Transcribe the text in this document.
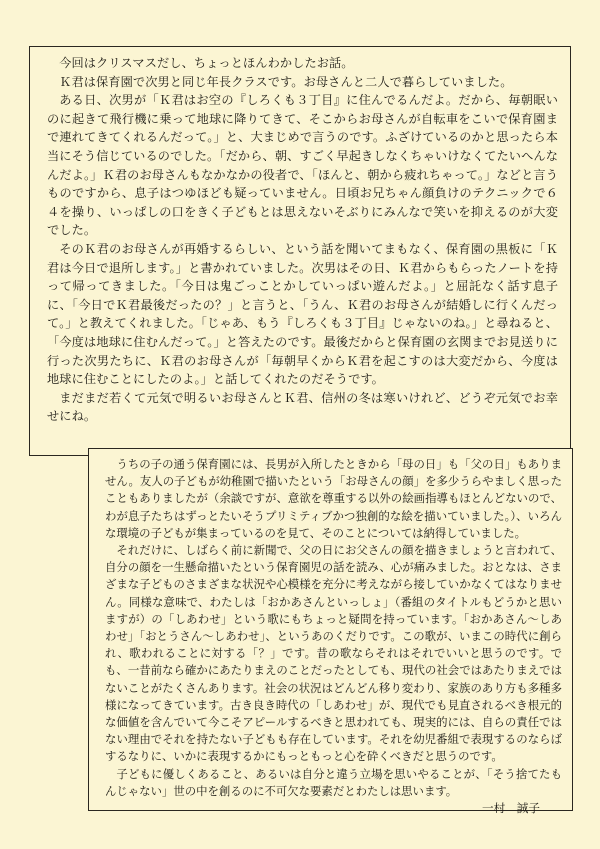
今回はクリスマスだし、ちょっとほんわかしたお話。

Ｋ君は保育園で次男と同じ年長クラスです。お母さんと二人で暮らしていました。

ある日、次男が「Ｋ君はお空の『しろくも３丁目』に住んでるんだよ。だから、毎朝眠いのに起きて飛行機に乗って地球に降りてきて、そこからお母さんが自転車をこいで保育園まで連れてきてくれるんだって。」と、大まじめで言うのです。ふざけているのかと思ったら本当にそう信じているのでした。「だから、朝、すごく早起きしなくちゃいけなくてたいへんなんだよ。」Ｋ君のお母さんもなかなかの役者で、「ほんと、朝から疲れちゃって。」などと言うものですから、息子はつゆほども疑っていません。日頃お兄ちゃん顔負けのテクニックで６４を操り、いっぱしの口をきく子どもとは思えないそぶりにみんなで笑いを抑えるのが大変でした。

そのＫ君のお母さんが再婚するらしい、という話を聞いてまもなく、保育園の黒板に「Ｋ君は今日で退所します。」と書かれていました。次男はその日、Ｋ君からもらったノートを持って帰ってきました。「今日は鬼ごっことかしていっぱい遊んだよ。」と屈託なく話す息子に、「今日でＫ君最後だったの？」と言うと、「うん、Ｋ君のお母さんが結婚しに行くんだって。」と教えてくれました。「じゃあ、もう『しろくも３丁目』じゃないのね。」と尋ねると、「今度は地球に住むんだって。」と答えたのです。最後だからと保育園の玄関までお見送りに行った次男たちに、Ｋ君のお母さんが「毎朝早くからＫ君を起こすのは大変だから、今度は地球に住むことにしたのよ。」と話してくれたのだそうです。

まだまだ若くて元気で明るいお母さんとＫ君、信州の冬は寒いけれど、どうぞ元気でお幸せにね。

うちの子の通う保育園には、長男が入所したときから「母の日」も「父の日」もありません。友人の子どもが幼稚園で描いたという「お母さんの顔」を多少うらやましく思ったこともありましたが（余談ですが、意欲を尊重する以外の絵画指導もほとんどないので、わが息子たちはずっとたいそうプリミティブかつ独創的な絵を描いていました。）、いろんな環境の子どもが集まっているのを見て、そのことについては納得していました。

それだけに、しばらく前に新聞で、父の日にお父さんの顔を描きましょうと言われて、自分の顔を一生懸命描いたという保育園児の話を読み、心が痛みました。おとなは、さまざまな子どものさまざまな状況や心模様を充分に考えながら接していかなくてはなりません。同様な意味で、わたしは「おかあさんといっしょ」（番組のタイトルもどうかと思いますが）の「しあわせ」という歌にもちょっと疑問を持っています。「おかあさん～しあわせ」「おとうさん～しあわせ」、というあのくだりです。この歌が、いまこの時代に創られ、歌われることに対する「？」です。昔の歌ならそれはそれでいいと思うのです。でも、一昔前なら確かにあたりまえのことだったとしても、現代の社会ではあたりまえではないことがたくさんあります。社会の状況はどんどん移り変わり、家族のあり方も多種多様になってきています。古き良き時代の「しあわせ」が、現代でも見直されるべき根元的な価値を含んでいて今こそアピールするべきと思われても、現実的には、自らの責任ではない理由でそれを持たない子どもも存在しています。それを幼児番組で表現するのならばするなりに、いかに表現するかにもっともっと心を砕くべきだと思うのです。

子どもに優しくあること、あるいは自分と違う立場を思いやることが、「そう捨てたもんじゃない」世の中を創るのに不可欠な要素だとわたしは思います。

一村　誠子
